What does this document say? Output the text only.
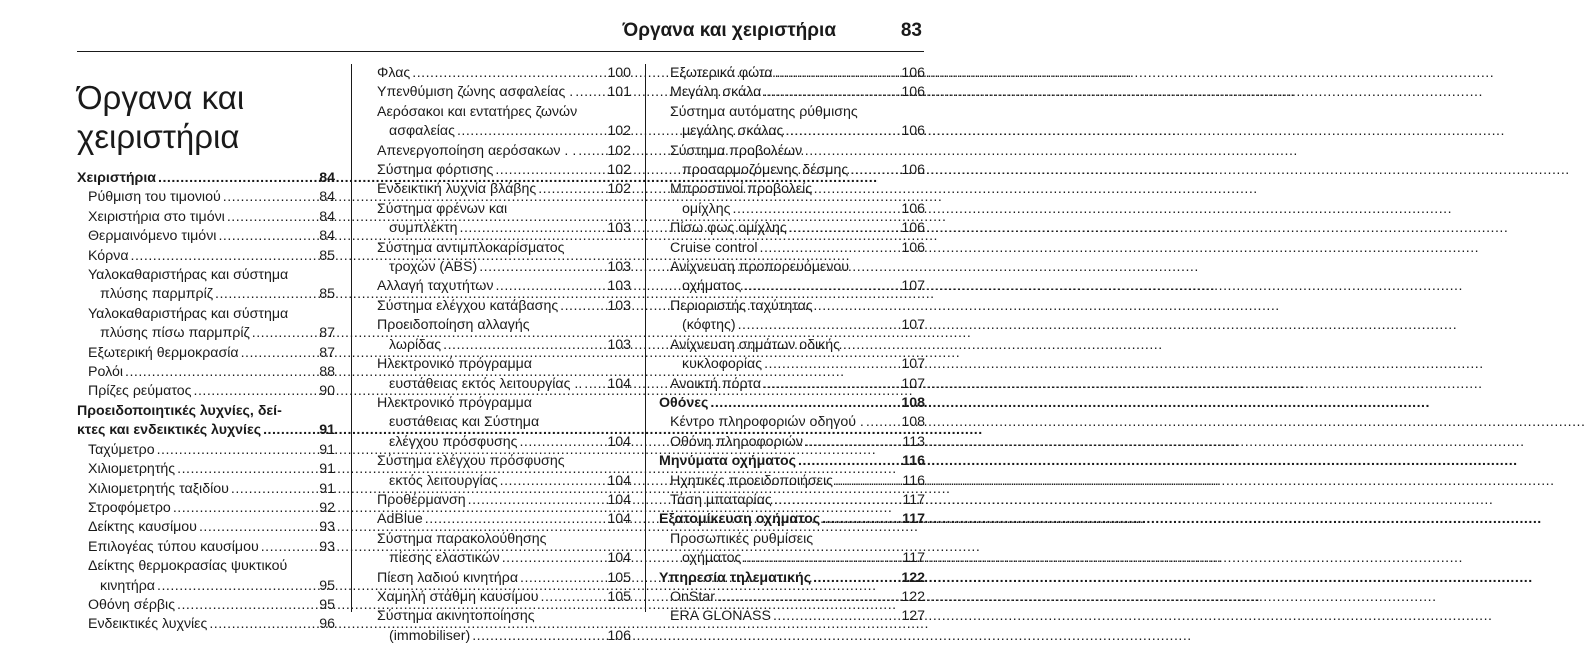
Όργανα και χειριστήρια	83
Όργανα και
χειριστήρια
Χειριστήρια .....	84
Ρύθμιση του τιμονιού .....	84
Χειριστήρια στο τιμόνι .....	84
Θερμαινόμενο τιμόνι .....	84
Κόρνα .....	85
Υαλοκαθαριστήρας και σύστημα
πλύσης παρμπρίζ .....	85
Υαλοκαθαριστήρας και σύστημα
πλύσης πίσω παρμπρίζ .....	87
Εξωτερική θερμοκρασία .....	87
Ρολόι .....	88
Πρίζες ρεύματος .....	90
Προειδοποιητικές λυχνίες, δεί-
κτες και ενδεικτικές λυχνίες .....	91
Ταχύμετρο .....	91
Χιλιομετρητής .....	91
Χιλιομετρητής ταξιδίου .....	91
Στροφόμετρο .....	92
Δείκτης καυσίμου .....	93
Επιλογέας τύπου καυσίμου .....	93
Δείκτης θερμοκρασίας ψυκτικού
κινητήρα .....	95
Οθόνη σέρβις .....	95
Ενδεικτικές λυχνίες .....	96
Φλας .....	100
Υπενθύμιση ζώνης ασφαλείας . ..... 101
Αερόσακοι και εντατήρες ζωνών
ασφαλείας .....	102
Απενεργοποίηση αερόσακων . . ..... 102
Σύστημα φόρτισης .....	102
Ενδεικτική λυχνία βλάβης .....	102
Σύστημα φρένων και
συμπλέκτη .....	103
Σύστημα αντιμπλοκαρίσματος
τροχών (ABS) .....	103
Αλλαγή ταχυτήτων .....	103
Σύστημα ελέγχου κατάβασης .....	103
Προειδοποίηση αλλαγής
λωρίδας .....	103
Ηλεκτρονικό πρόγραμμα
ευστάθειας εκτός λειτουργίας .. ..... 104
Ηλεκτρονικό πρόγραμμα
ευστάθειας και Σύστημα
ελέγχου πρόσφυσης .....	104
Σύστημα ελέγχου πρόσφυσης
εκτός λειτουργίας .....	104
Προθέρμανση .....	104
AdBlue .....	104
Σύστημα παρακολούθησης
πίεσης ελαστικών .....	104
Πίεση λαδιού κινητήρα .....	105
Χαμηλή στάθμη καυσίμου .....	105
Σύστημα ακινητοποίησης
(immobiliser) .....	106
Εξωτερικά φώτα .....	106
Μεγάλη σκάλα .....	106
Σύστημα αυτόματης ρύθμισης
μεγάλης σκάλας .....	106
Σύστημα προβολέων
προσαρμοζόμενης δέσμης .....	106
Μπροστινοί προβολείς
ομίχλης .....	106
Πίσω φως ομίχλης .....	106
Cruise control .....	106
Ανίχνευση προπορευόμενου
οχήματος .....	107
Περιοριστής ταχύτητας
(κόφτης) .....	107
Ανίχνευση σημάτων οδικής
κυκλοφορίας .....	107
Ανοικτή πόρτα .....	107
Οθόνες .....	108
Κέντρο πληροφοριών οδηγού . .....	108
Οθόνη πληροφοριών .....	113
Μηνύματα οχήματος .....	116
Ηχητικές προειδοποιήσεις .....	116
Τάση μπαταρίας .....	117
Εξατομίκευση οχήματος .....	117
Προσωπικές ρυθμίσεις
οχήματος .....	117
Υπηρεσία τηλεματικής .....	122
OnStar .....	122
ERA GLONASS .....	127
